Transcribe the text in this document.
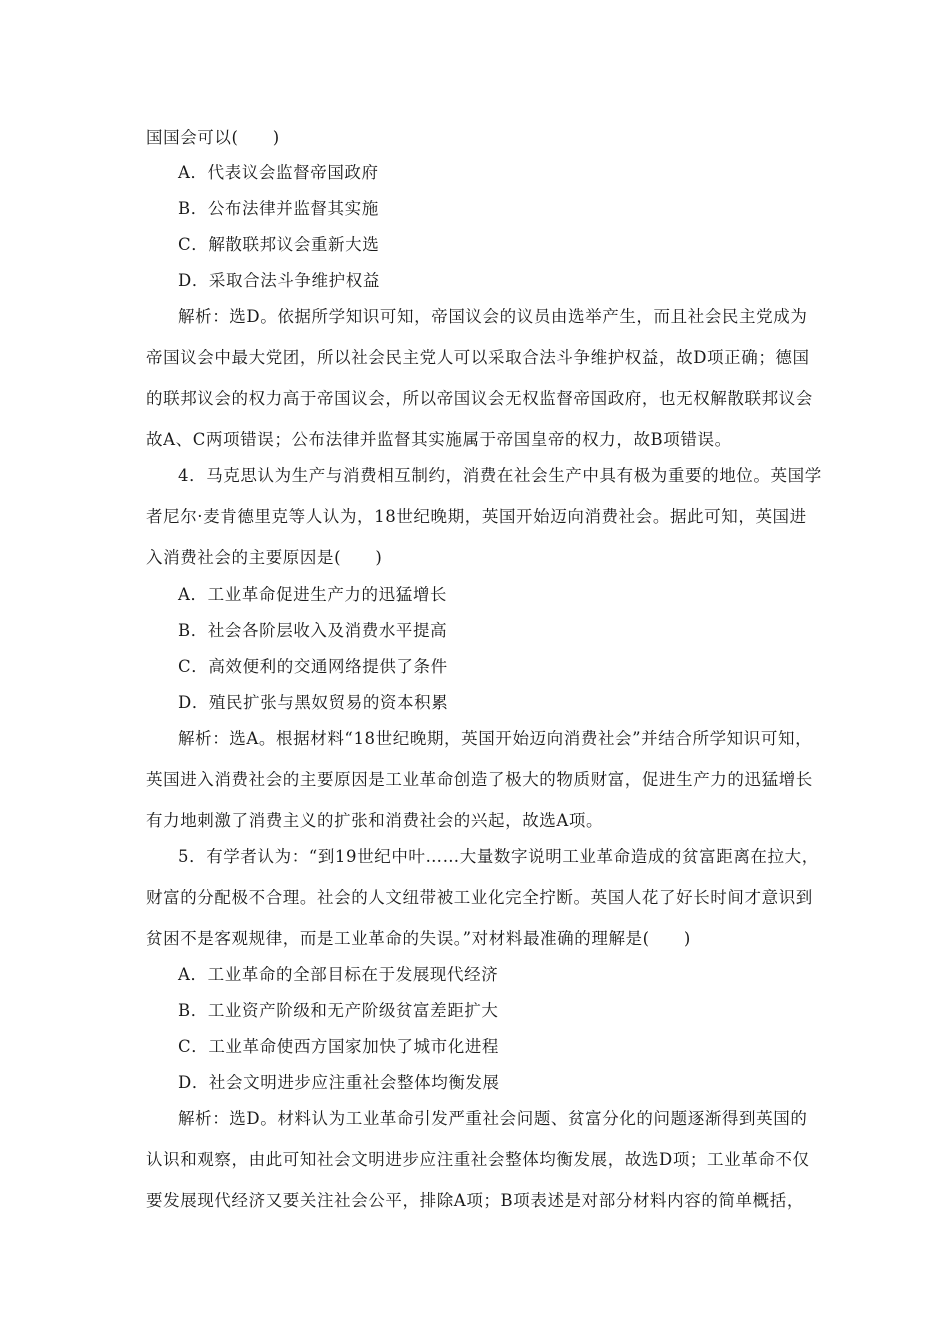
国国会可以(　　)
A．代表议会监督帝国政府
B．公布法律并监督其实施
C．解散联邦议会重新大选
D．采取合法斗争维护权益
解析：选D。依据所学知识可知，帝国议会的议员由选举产生，而且社会民主党成为
帝国议会中最大党团，所以社会民主党人可以采取合法斗争维护权益，故D项正确；德国
的联邦议会的权力高于帝国议会，所以帝国议会无权监督帝国政府，也无权解散联邦议会
故A、C两项错误；公布法律并监督其实施属于帝国皇帝的权力，故B项错误。
4．马克思认为生产与消费相互制约，消费在社会生产中具有极为重要的地位。英国学
者尼尔·麦肯德里克等人认为，18世纪晚期，英国开始迈向消费社会。据此可知，英国进
入消费社会的主要原因是(　　)
A．工业革命促进生产力的迅猛增长
B．社会各阶层收入及消费水平提高
C．高效便利的交通网络提供了条件
D．殖民扩张与黑奴贸易的资本积累
解析：选A。根据材料“18世纪晚期，英国开始迈向消费社会”并结合所学知识可知，
英国进入消费社会的主要原因是工业革命创造了极大的物质财富，促进生产力的迅猛增长
有力地刺激了消费主义的扩张和消费社会的兴起，故选A项。
5．有学者认为：“到19世纪中叶……大量数字说明工业革命造成的贫富距离在拉大，
财富的分配极不合理。社会的人文纽带被工业化完全拧断。英国人花了好长时间才意识到
贫困不是客观规律，而是工业革命的失误。”对材料最准确的理解是(　　)
A．工业革命的全部目标在于发展现代经济
B．工业资产阶级和无产阶级贫富差距扩大
C．工业革命使西方国家加快了城市化进程
D．社会文明进步应注重社会整体均衡发展
解析：选D。材料认为工业革命引发严重社会问题、贫富分化的问题逐渐得到英国的
认识和观察，由此可知社会文明进步应注重社会整体均衡发展，故选D项；工业革命不仅
要发展现代经济又要关注社会公平，排除A项；B项表述是对部分材料内容的简单概括，
